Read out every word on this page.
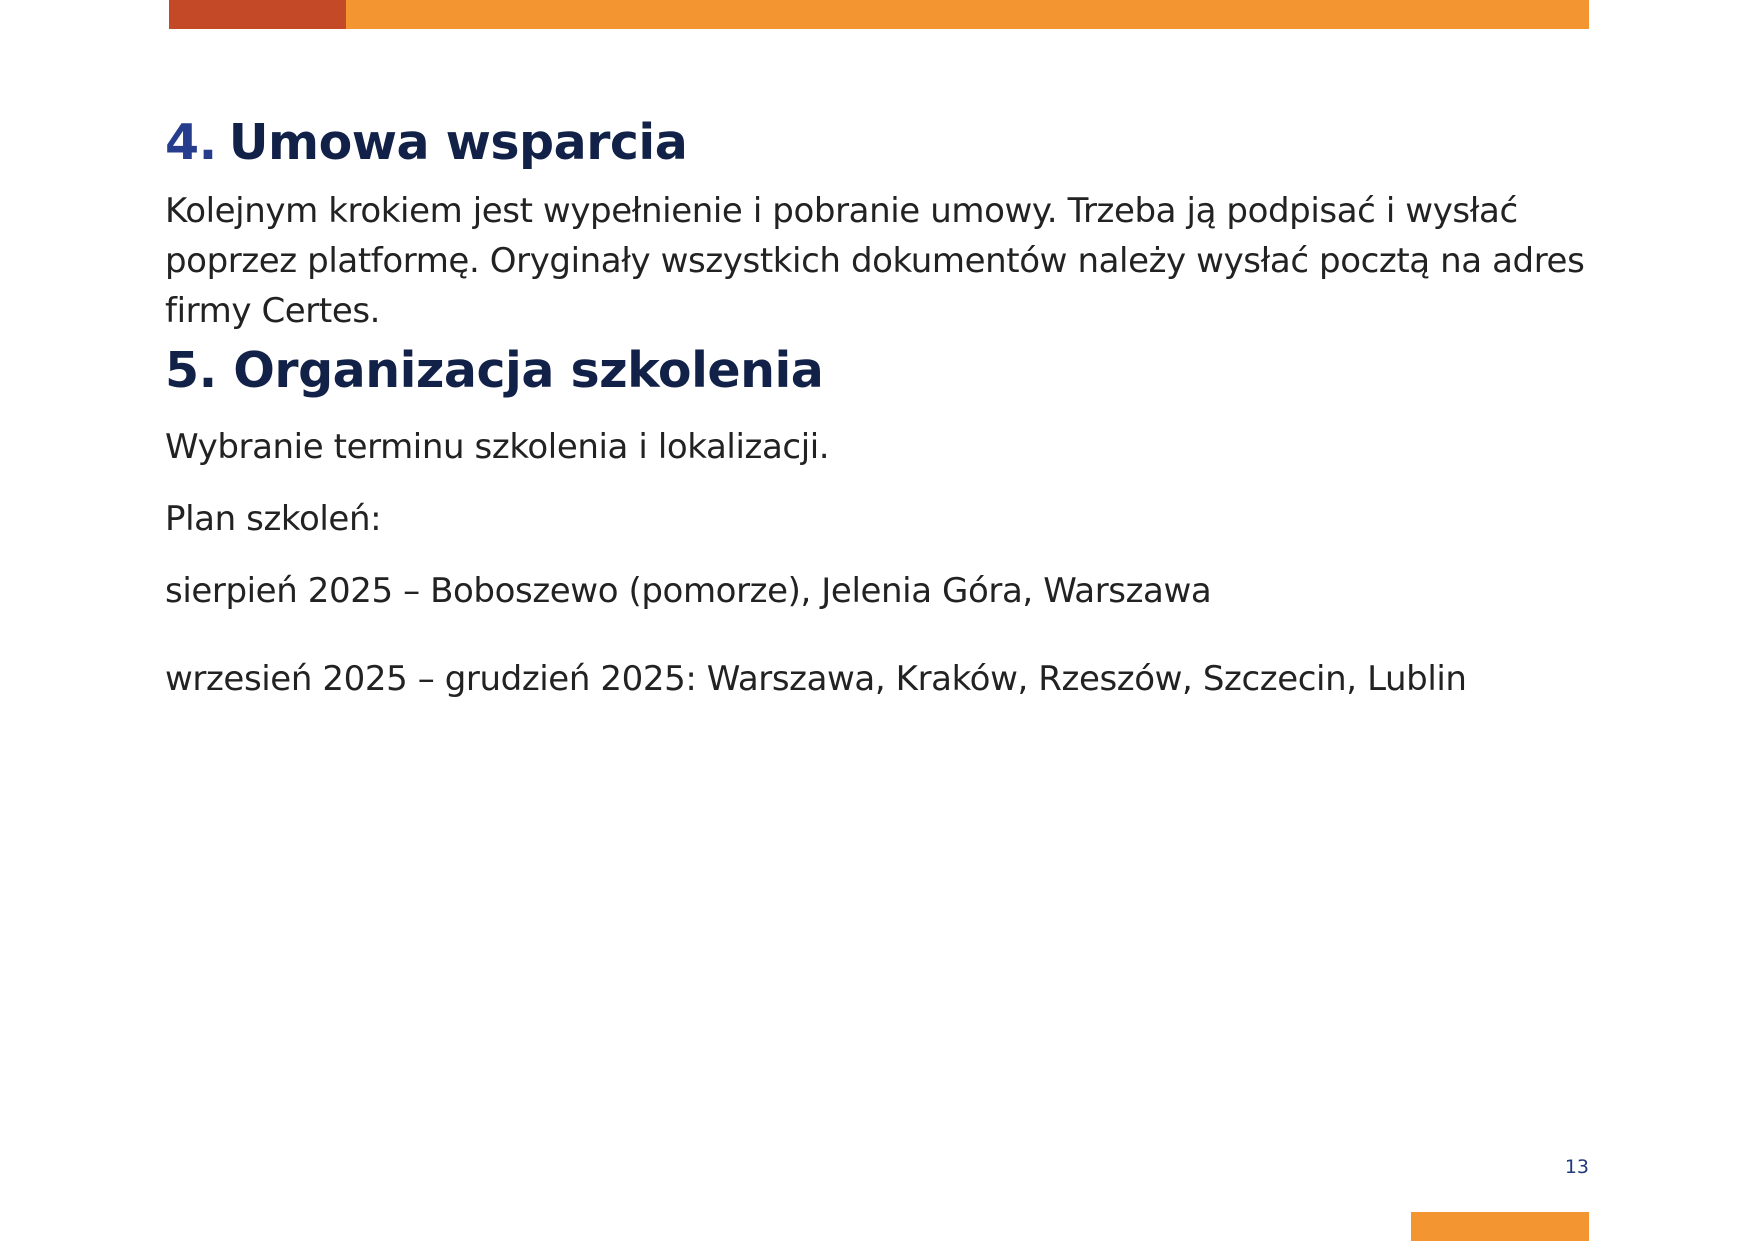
4. Umowa wsparcia

Kolejnym krokiem jest wypełnienie i pobranie umowy. Trzeba ją podpisać i wysłać poprzez platformę. Oryginały wszystkich dokumentów należy wysłać pocztą na adres firmy Certes.

5. Organizacja szkolenia

Wybranie terminu szkolenia i lokalizacji.

Plan szkoleń:

sierpień 2025 – Boboszewo (pomorze), Jelenia Góra, Warszawa

wrzesień 2025 – grudzień 2025: Warszawa, Kraków, Rzeszów, Szczecin, Lublin

13
